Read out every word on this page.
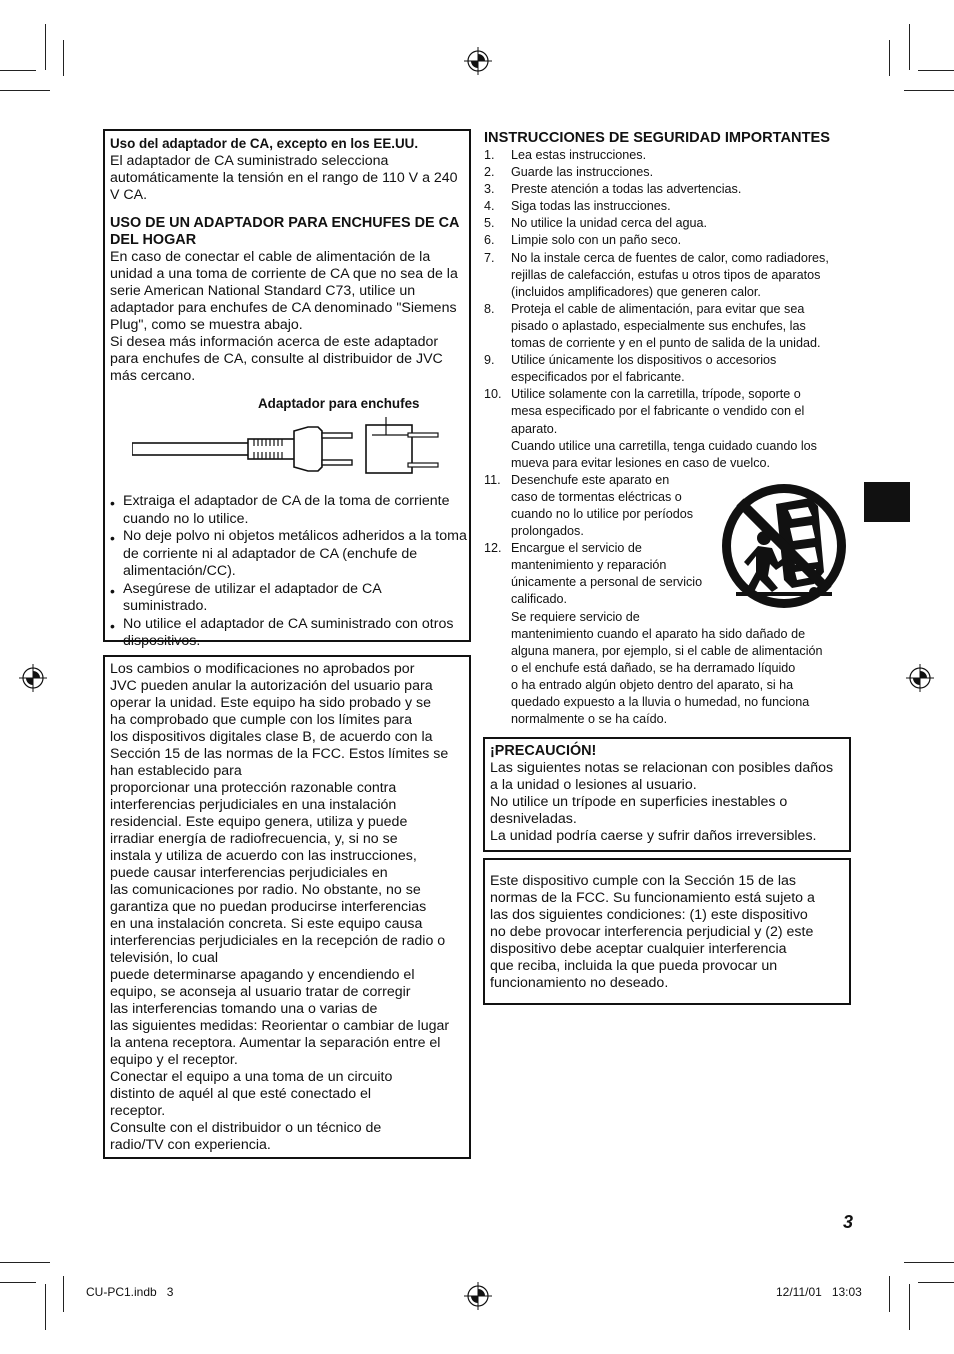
Uso del adaptador de CA, excepto en los EE.UU.
El adaptador de CA suministrado selecciona automáticamente la tensión en el rango de 110 V a 240 V CA.
USO DE UN ADAPTADOR PARA ENCHUFES DE CA DEL HOGAR
En caso de conectar el cable de alimentación de la unidad a una toma de corriente de CA que no sea de la serie American National Standard C73, utilice un adaptador para enchufes de CA denominado "Siemens Plug", como se muestra abajo.
Si desea más información acerca de este adaptador para enchufes de CA, consulte al distribuidor de JVC más cercano.
Adaptador para enchufes
• Extraiga el adaptador de CA de la toma de corriente cuando no lo utilice.
• No deje polvo ni objetos metálicos adheridos a la toma de corriente ni al adaptador de CA (enchufe de alimentación/CC).
• Asegúrese de utilizar el adaptador de CA suministrado.
• No utilice el adaptador de CA suministrado con otros dispositivos.
Los cambios o modificaciones no aprobados por
JVC pueden anular la autorización del usuario para
operar la unidad. Este equipo ha sido probado y se
ha comprobado que cumple con los límites para
los dispositivos digitales clase B, de acuerdo con la
Sección 15 de las normas de la FCC. Estos límites se
han establecido para
proporcionar una protección razonable contra
interferencias perjudiciales en una instalación
residencial. Este equipo genera, utiliza y puede
irradiar energía de radiofrecuencia, y, si no se
instala y utiliza de acuerdo con las instrucciones,
puede causar interferencias perjudiciales en
las comunicaciones por radio. No obstante, no se
garantiza que no puedan producirse interferencias
en una instalación concreta. Si este equipo causa
interferencias perjudiciales en la recepción de radio o
televisión, lo cual
puede determinarse apagando y encendiendo el
equipo, se aconseja al usuario tratar de corregir
las interferencias tomando una o varias de
las siguientes medidas: Reorientar o cambiar de lugar
la antena receptora. Aumentar la separación entre el
equipo y el receptor.
Conectar el equipo a una toma de un circuito
distinto de aquél al que esté conectado el
receptor.
Consulte con el distribuidor o un técnico de
radio/TV con experiencia.
INSTRUCCIONES DE SEGURIDAD IMPORTANTES
1.	Lea estas instrucciones.
2.	Guarde las instrucciones.
3.	Preste atención a todas las advertencias.
4.	Siga todas las instrucciones.
5.	No utilice la unidad cerca del agua.
6.	Limpie solo con un paño seco.
7.	No la instale cerca de fuentes de calor, como radiadores,
rejillas de calefacción, estufas u otros tipos de aparatos
(incluidos amplificadores) que generen calor.
8.	Proteja el cable de alimentación, para evitar que sea
pisado o aplastado, especialmente sus enchufes, las
tomas de corriente y en el punto de salida de la unidad.
9.	Utilice únicamente los dispositivos o accesorios
especificados por el fabricante.
10. Utilice solamente con la carretilla, trípode, soporte o
mesa especificado por el fabricante o vendido con el
aparato.
Cuando utilice una carretilla, tenga cuidado cuando los
mueva para evitar lesiones en caso de vuelco.
11. Desenchufe este aparato en
caso de tormentas eléctricas o
cuando no lo utilice por períodos
prolongados.
12. Encargue el servicio de
mantenimiento y reparación
únicamente a personal de servicio
calificado.
Se requiere servicio de
mantenimiento cuando el aparato ha sido dañado de
alguna manera, por ejemplo, si el cable de alimentación
o el enchufe está dañado, se ha derramado líquido
o ha entrado algún objeto dentro del aparato, si ha
quedado expuesto a la lluvia o humedad, no funciona
normalmente o se ha caído.
¡PRECAUCIÓN!
Las siguientes notas se relacionan con posibles daños
a la unidad o lesiones al usuario.
No utilice un trípode en superficies inestables o
desniveladas.
La unidad podría caerse y sufrir daños irreversibles.
Este dispositivo cumple con la Sección 15 de las
normas de la FCC. Su funcionamiento está sujeto a
las dos siguientes condiciones: (1) este dispositivo
no debe provocar interferencia perjudicial y (2) este
dispositivo debe aceptar cualquier interferencia
que reciba, incluida la que pueda provocar un
funcionamiento no deseado.
3
CU-PC1.indb   3	12/11/01   13:03
